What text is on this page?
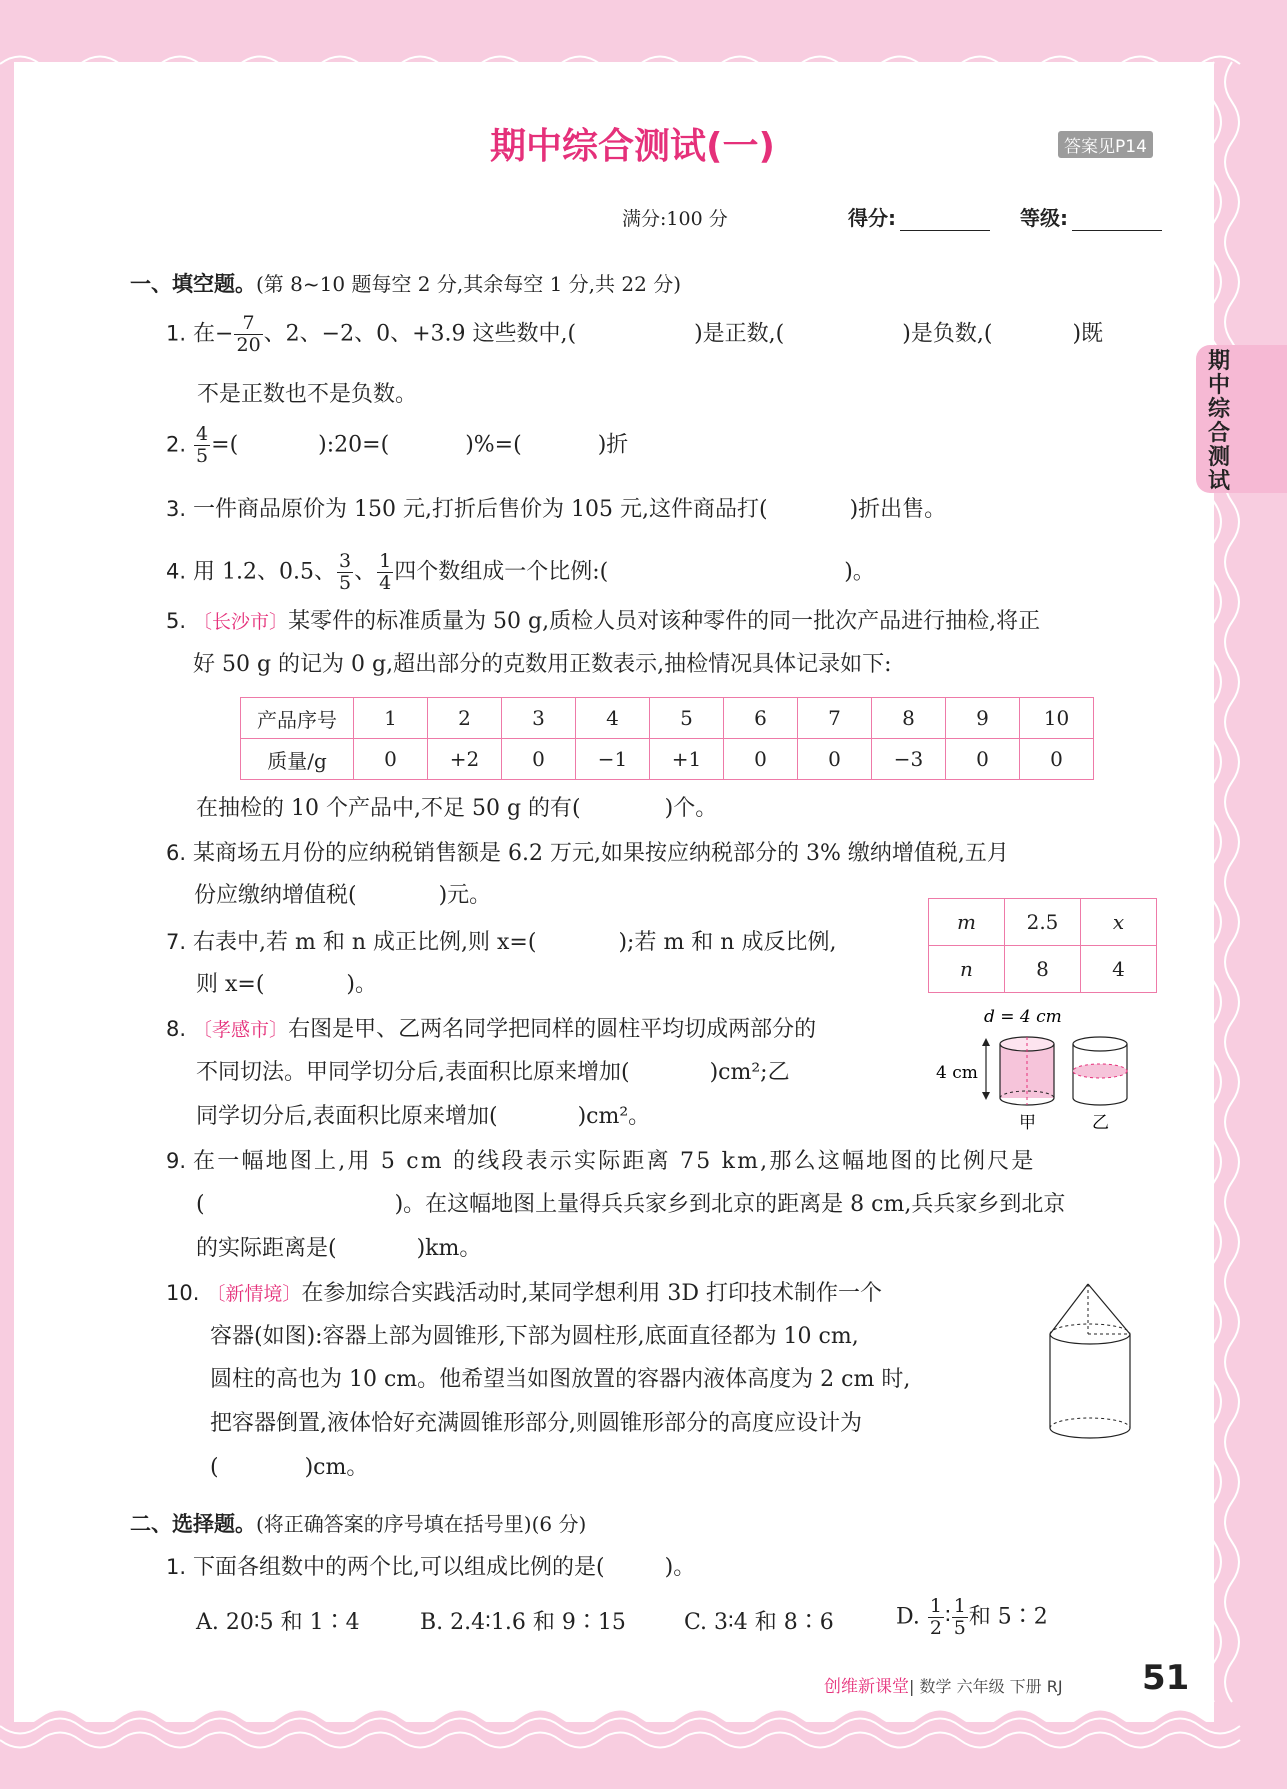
期中综合测试
期中综合测试(一)	答案见P14
满分:100 分	得分:	等级:
一、填空题。(第 8~10 题每空 2 分,其余每空 1 分,共 22 分)
1. 在− $\frac{7}{20}$ 、2、−2、0、+3.9 这些数中,(	)是正数,(	)是负数,(	)既
不是正数也不是负数。
2. $\frac{4}{5}$ =(	):20=(	)%=(	)折
3. 一件商品原价为 150 元,打折后售价为 105 元,这件商品打(	)折出售。
4. 用 1.2、0.5、 $\frac{3}{5}$ 、 $\frac{1}{4}$ 四个数组成一个比例:(	)。
5. 〔长沙市〕某零件的标准质量为 50 g,质检人员对该种零件的同一批次产品进行抽检,将正
好 50 g 的记为 0 g,超出部分的克数用正数表示,抽检情况具体记录如下:
产品序号	1	2	3	4	5	6	7	8	9	10
质量/g	0	+2	0	−1	+1	0	0	−3	0	0
在抽检的 10 个产品中,不足 50 g 的有(	)个。
6. 某商场五月份的应纳税销售额是 6.2 万元,如果按应纳税部分的 3% 缴纳增值税,五月
份应缴纳增值税(	)元。
7. 右表中,若 m 和 n 成正比例,则 x=(	);若 m 和 n 成反比例,
则 x=(	)。
m	2.5	x
n	8	4
8. 〔孝感市〕右图是甲、乙两名同学把同样的圆柱平均切成两部分的
不同切法。甲同学切分后,表面积比原来增加(	)cm²;乙
同学切分后,表面积比原来增加(	)cm²。
d = 4 cm
4 cm
甲	乙
9. 在一幅地图上,用 5 cm 的线段表示实际距离 75 km,那么这幅地图的比例尺是
(	)。在这幅地图上量得兵兵家乡到北京的距离是 8 cm,兵兵家乡到北京
的实际距离是(	)km。
10. 〔新情境〕在参加综合实践活动时,某同学想利用 3D 打印技术制作一个
容器(如图):容器上部为圆锥形,下部为圆柱形,底面直径都为 10 cm,
圆柱的高也为 10 cm。他希望当如图放置的容器内液体高度为 2 cm 时,
把容器倒置,液体恰好充满圆锥形部分,则圆锥形部分的高度应设计为
(	)cm。
二、选择题。(将正确答案的序号填在括号里)(6 分)
1. 下面各组数中的两个比,可以组成比例的是(	)。
A. 20∶5 和 1∶4	B. 2.4∶1.6 和 9∶15	C. 3∶4 和 8∶6	D. $\frac{1}{2}$ ∶ $\frac{1}{5}$ 和 5∶2
创维新课堂| 数学 六年级 下册 RJ 51
